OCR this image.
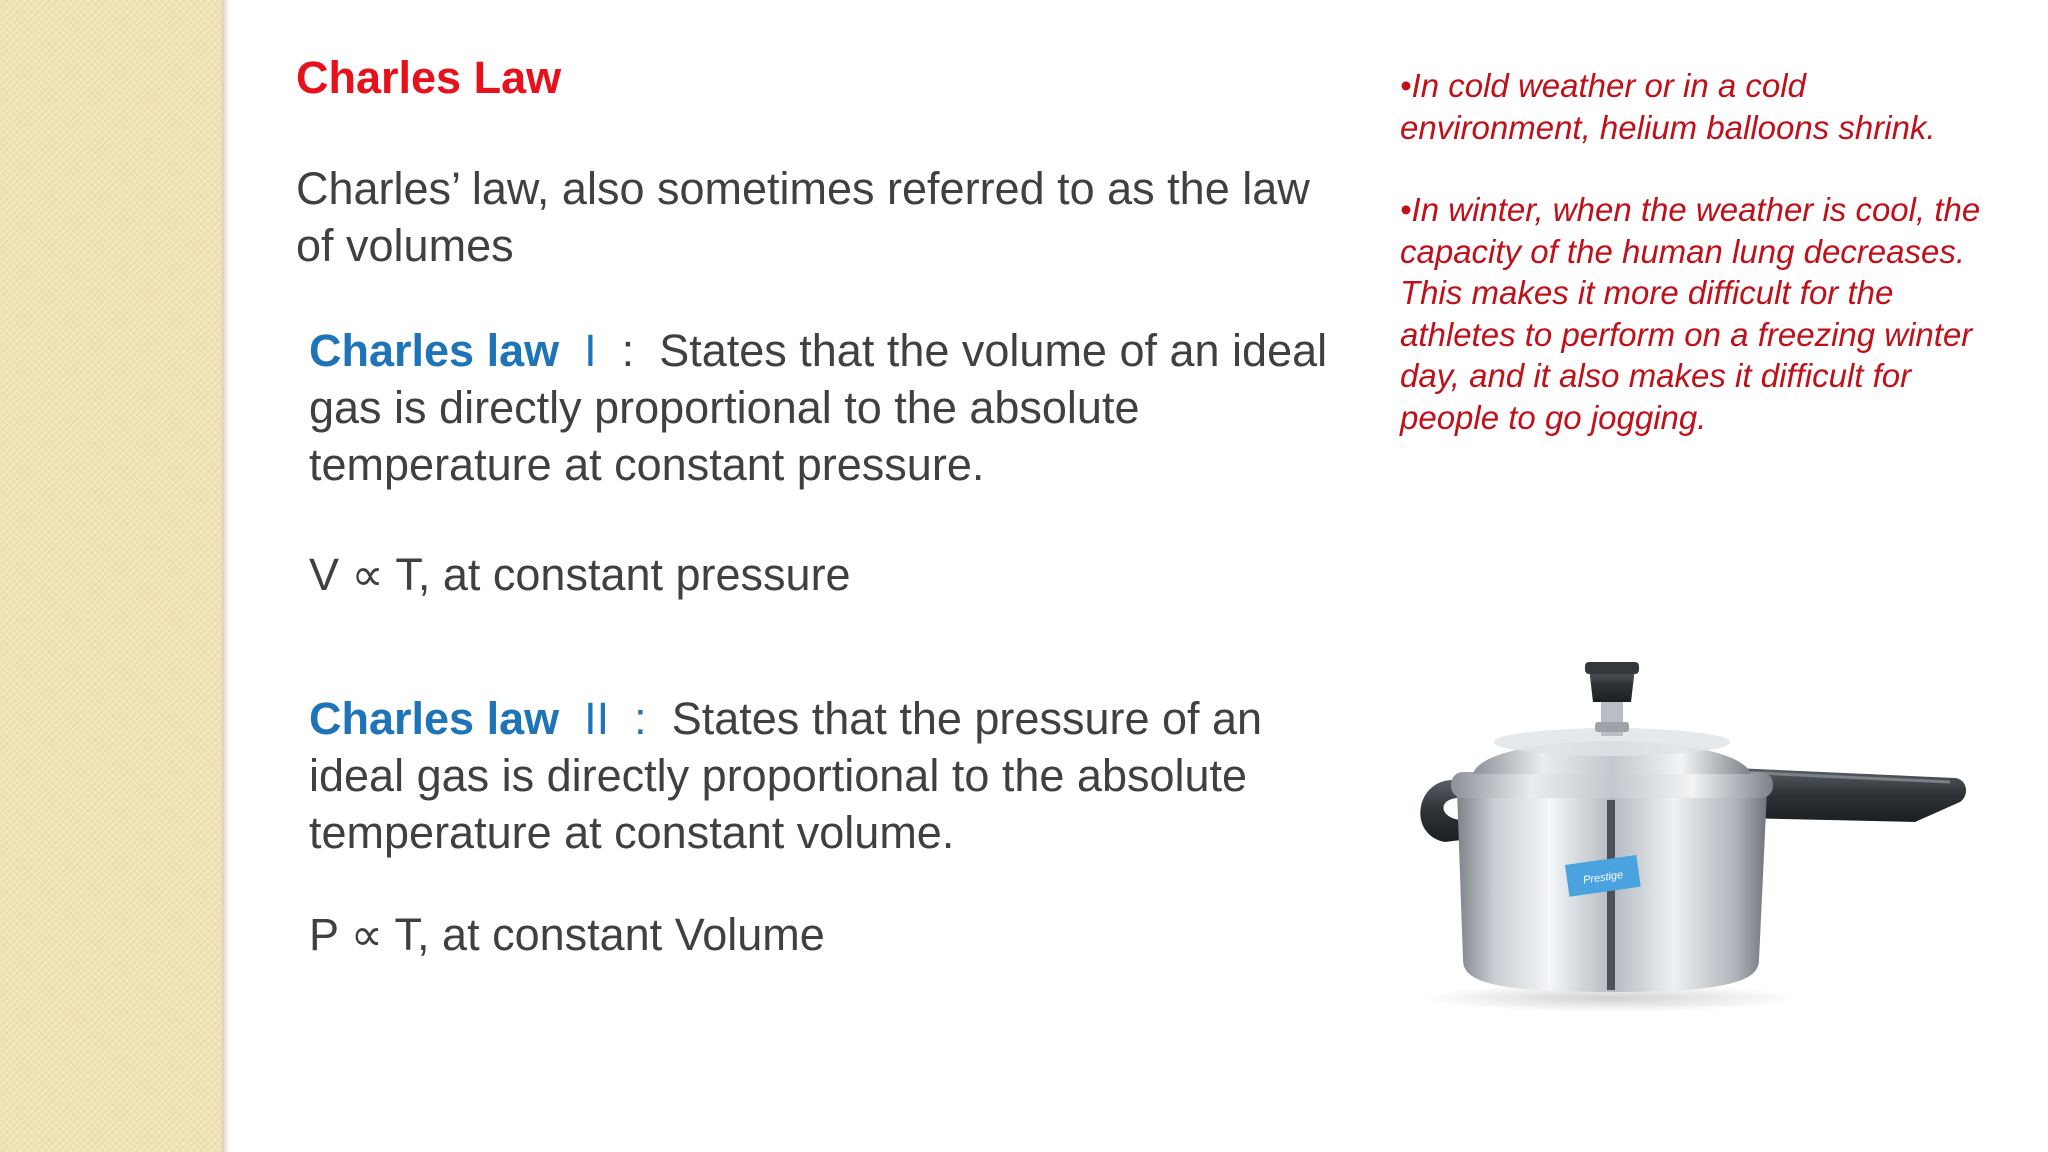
Charles Law
Charles’ law, also sometimes referred to as the law of volumes
Charles law I : States that the volume of an ideal gas is directly proportional to the absolute temperature at constant pressure.
V ∝ T, at constant pressure
Charles law II : States that the pressure of an ideal gas is directly proportional to the absolute temperature at constant volume.
P ∝ T, at constant Volume

•In cold weather or in a cold environment, helium balloons shrink.

•In winter, when the weather is cool, the capacity of the human lung decreases. This makes it more difficult for the athletes to perform on a freezing winter day, and it also makes it difficult for people to go jogging.

Prestige
